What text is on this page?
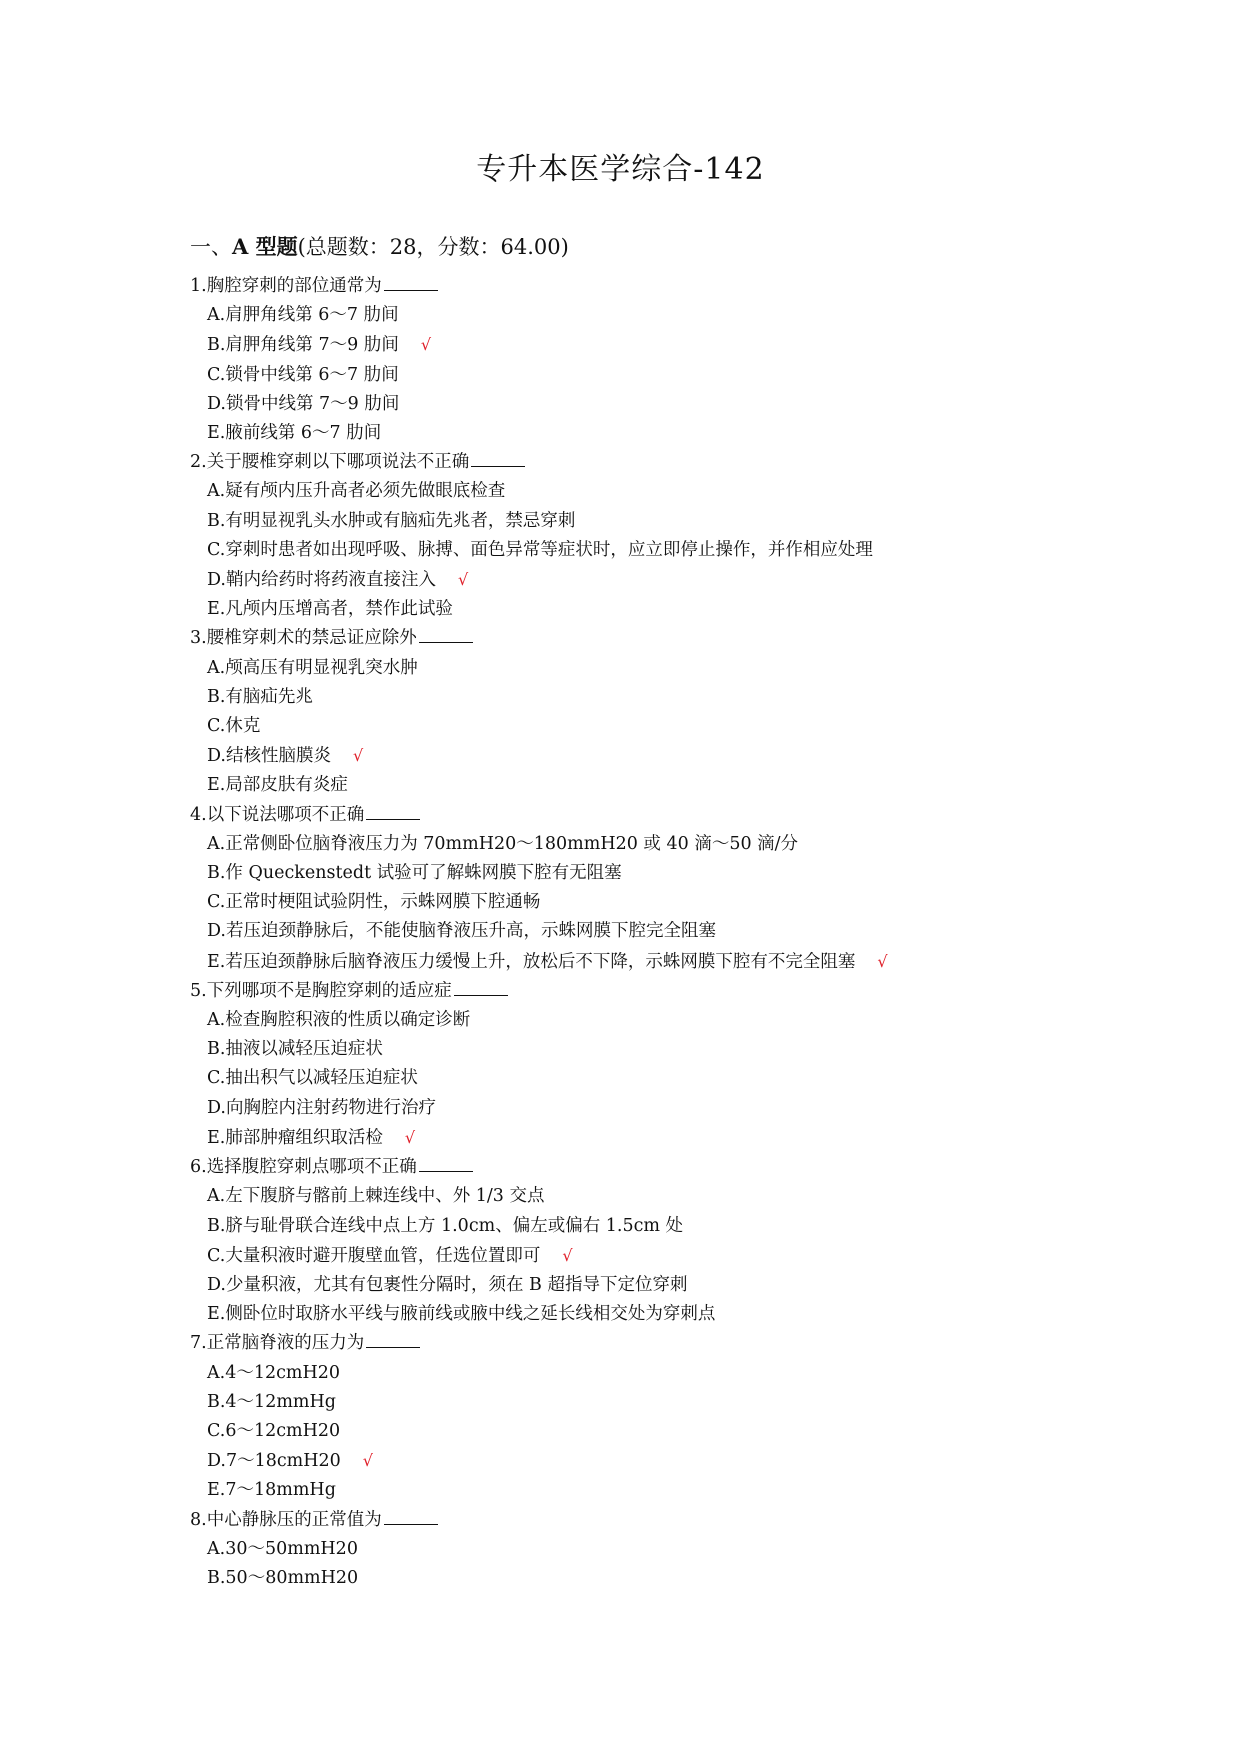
专升本医学综合-142
一、A 型题(总题数：28，分数：64.00)
1.胸腔穿刺的部位通常为
A.肩胛角线第 6～7 肋间
B.肩胛角线第 7～9 肋间 √
C.锁骨中线第 6～7 肋间
D.锁骨中线第 7～9 肋间
E.腋前线第 6～7 肋间
2.关于腰椎穿刺以下哪项说法不正确
A.疑有颅内压升高者必须先做眼底检查
B.有明显视乳头水肿或有脑疝先兆者，禁忌穿刺
C.穿刺时患者如出现呼吸、脉搏、面色异常等症状时，应立即停止操作，并作相应处理
D.鞘内给药时将药液直接注入 √
E.凡颅内压增高者，禁作此试验
3.腰椎穿刺术的禁忌证应除外
A.颅高压有明显视乳突水肿
B.有脑疝先兆
C.休克
D.结核性脑膜炎 √
E.局部皮肤有炎症
4.以下说法哪项不正确
A.正常侧卧位脑脊液压力为 70mmH20～180mmH20 或 40 滴～50 滴/分
B.作 Queckenstedt 试验可了解蛛网膜下腔有无阻塞
C.正常时梗阻试验阴性，示蛛网膜下腔通畅
D.若压迫颈静脉后，不能使脑脊液压升高，示蛛网膜下腔完全阻塞
E.若压迫颈静脉后脑脊液压力缓慢上升，放松后不下降，示蛛网膜下腔有不完全阻塞 √
5.下列哪项不是胸腔穿刺的适应症
A.检查胸腔积液的性质以确定诊断
B.抽液以减轻压迫症状
C.抽出积气以减轻压迫症状
D.向胸腔内注射药物进行治疗
E.肺部肿瘤组织取活检 √
6.选择腹腔穿刺点哪项不正确
A.左下腹脐与髂前上棘连线中、外 1/3 交点
B.脐与耻骨联合连线中点上方 1.0cm、偏左或偏右 1.5cm 处
C.大量积液时避开腹壁血管，任选位置即可 √
D.少量积液，尤其有包裹性分隔时，须在 B 超指导下定位穿刺
E.侧卧位时取脐水平线与腋前线或腋中线之延长线相交处为穿刺点
7.正常脑脊液的压力为
A.4～12cmH20
B.4～12mmHg
C.6～12cmH20
D.7～18cmH20 √
E.7～18mmHg
8.中心静脉压的正常值为
A.30～50mmH20
B.50～80mmH20
